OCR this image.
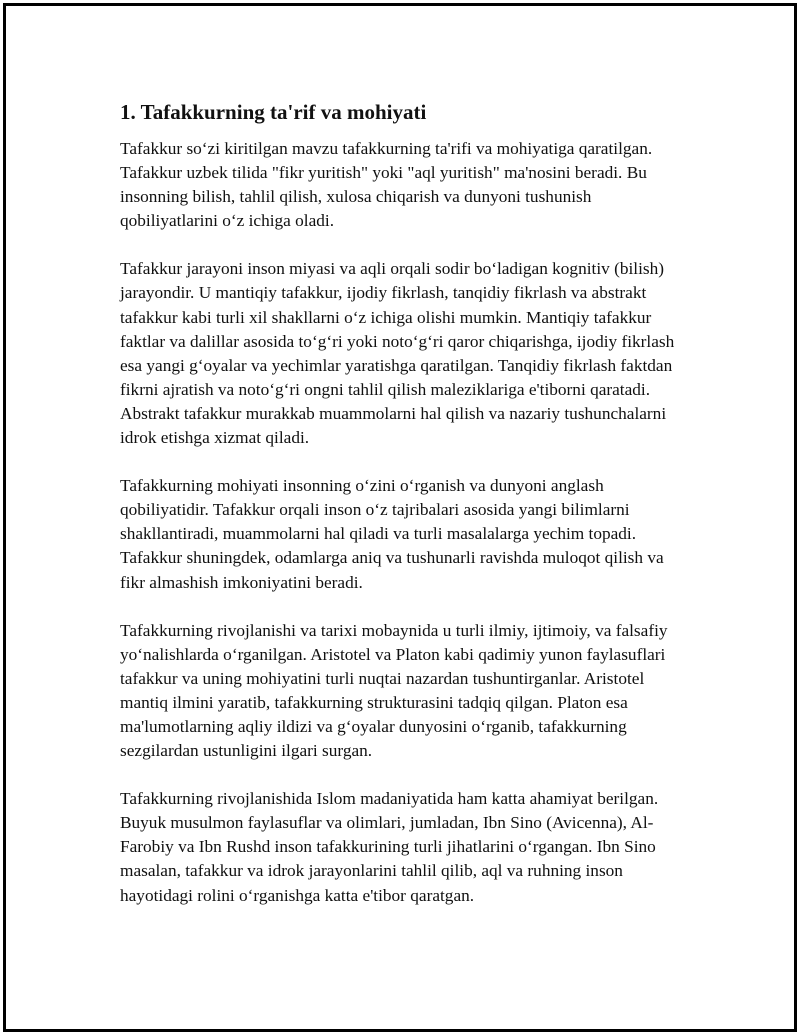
1. Tafakkurning ta'rif va mohiyati

Tafakkur so‘zi kiritilgan mavzu tafakkurning ta'rifi va mohiyatiga qaratilgan. Tafakkur uzbek tilida "fikr yuritish" yoki "aql yuritish" ma'nosini beradi. Bu insonning bilish, tahlil qilish, xulosa chiqarish va dunyoni tushunish qobiliyatlarini o‘z ichiga oladi.

Tafakkur jarayoni inson miyasi va aqli orqali sodir bo‘ladigan kognitiv (bilish) jarayondir. U mantiqiy tafakkur, ijodiy fikrlash, tanqidiy fikrlash va abstrakt tafakkur kabi turli xil shakllarni o‘z ichiga olishi mumkin. Mantiqiy tafakkur faktlar va dalillar asosida to‘g‘ri yoki noto‘g‘ri qaror chiqarishga, ijodiy fikrlash esa yangi g‘oyalar va yechimlar yaratishga qaratilgan. Tanqidiy fikrlash faktdan fikrni ajratish va noto‘g‘ri ongni tahlil qilish maleziklariga e'tiborni qaratadi. Abstrakt tafakkur murakkab muammolarni hal qilish va nazariy tushunchalarni idrok etishga xizmat qiladi.

Tafakkurning mohiyati insonning o‘zini o‘rganish va dunyoni anglash qobiliyatidir. Tafakkur orqali inson o‘z tajribalari asosida yangi bilimlarni shakllantiradi, muammolarni hal qiladi va turli masalalarga yechim topadi. Tafakkur shuningdek, odamlarga aniq va tushunarli ravishda muloqot qilish va fikr almashish imkoniyatini beradi.

Tafakkurning rivojlanishi va tarixi mobaynida u turli ilmiy, ijtimoiy, va falsafiy yo‘nalishlarda o‘rganilgan. Aristotel va Platon kabi qadimiy yunon faylasuflari tafakkur va uning mohiyatini turli nuqtai nazardan tushuntirganlar. Aristotel mantiq ilmini yaratib, tafakkurning strukturasini tadqiq qilgan. Platon esa ma'lumotlarning aqliy ildizi va g‘oyalar dunyosini o‘rganib, tafakkurning sezgilardan ustunligini ilgari surgan.

Tafakkurning rivojlanishida Islom madaniyatida ham katta ahamiyat berilgan. Buyuk musulmon faylasuflar va olimlari, jumladan, Ibn Sino (Avicenna), Al-Farobiy va Ibn Rushd inson tafakkurining turli jihatlarini o‘rgangan. Ibn Sino masalan, tafakkur va idrok jarayonlarini tahlil qilib, aql va ruhning inson hayotidagi rolini o‘rganishga katta e'tibor qaratgan.
